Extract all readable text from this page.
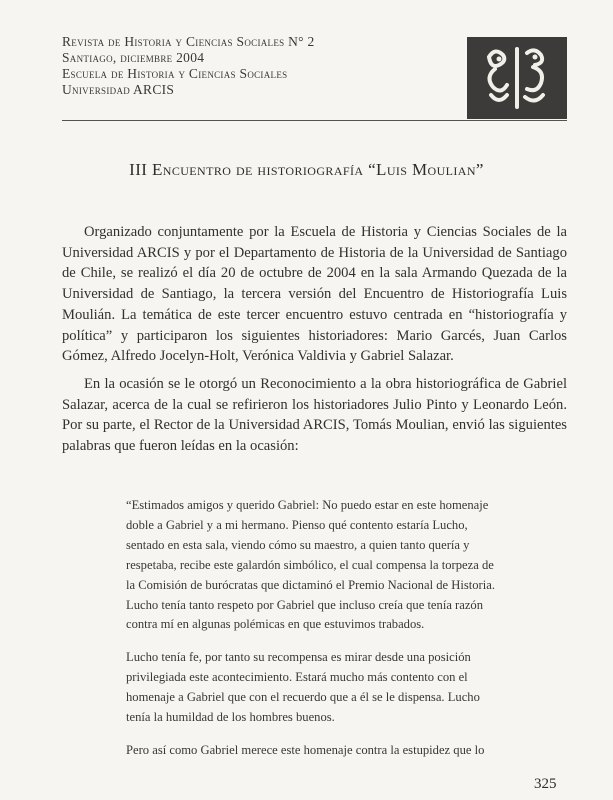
Revista de Historia y Ciencias Sociales N° 2
Santiago, diciembre 2004
Escuela de Historia y Ciencias Sociales
Universidad ARCIS
III Encuentro de historiografía “Luis Moulian”

Organizado conjuntamente por la Escuela de Historia y Ciencias Sociales de la Universidad ARCIS y por el Departamento de Historia de la Universidad de Santiago de Chile, se realizó el día 20 de octubre de 2004 en la sala Armando Quezada de la Universidad de Santiago, la tercera versión del Encuentro de Historiografía Luis Moulián. La temática de este tercer encuentro estuvo centrada en “historiografía y política” y participaron los siguientes historiadores: Mario Garcés, Juan Carlos Gómez, Alfredo Jocelyn-Holt, Verónica Valdivia y Gabriel Salazar.

En la ocasión se le otorgó un Reconocimiento a la obra historiográfica de Gabriel Salazar, acerca de la cual se refirieron los historiadores Julio Pinto y Leonardo León. Por su parte, el Rector de la Universidad ARCIS, Tomás Moulian, envió las siguientes palabras que fueron leídas en la ocasión:

“Estimados amigos y querido Gabriel: No puedo estar en este homenaje doble a Gabriel y a mi hermano. Pienso qué contento estaría Lucho, sentado en esta sala, viendo cómo su maestro, a quien tanto quería y respetaba, recibe este galardón simbólico, el cual compensa la torpeza de la Comisión de burócratas que dictaminó el Premio Nacional de Historia. Lucho tenía tanto respeto por Gabriel que incluso creía que tenía razón contra mí en algunas polémicas en que estuvimos trabados.

Lucho tenía fe, por tanto su recompensa es mirar desde una posición privilegiada este acontecimiento. Estará mucho más contento con el homenaje a Gabriel que con el recuerdo que a él se le dispensa. Lucho tenía la humildad de los hombres buenos.

Pero así como Gabriel merece este homenaje contra la estupidez que lo

325
